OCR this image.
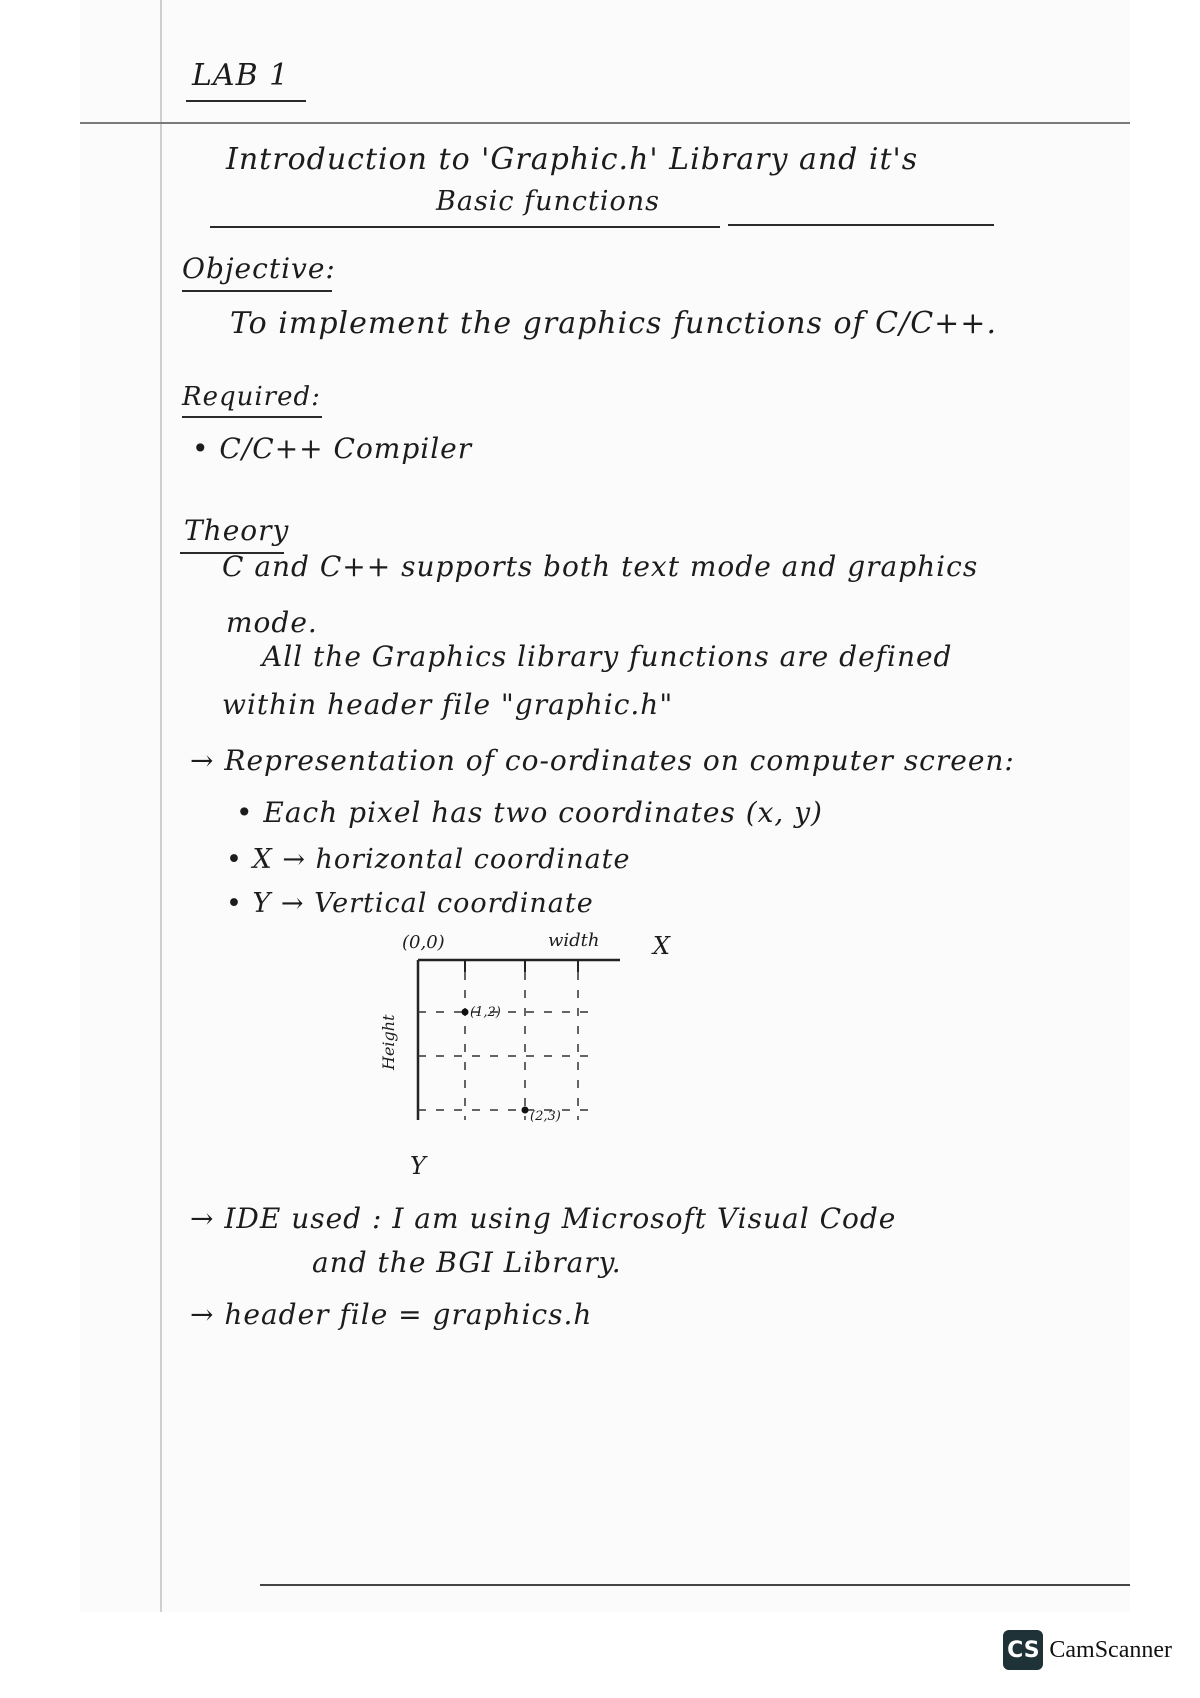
LAB 1
Introduction to 'Graphic.h' Library and it's
Basic functions
Objective:
To implement the graphics functions of C/C++.
Required:
• C/C++ Compiler
Theory
C and C++ supports both text mode and graphics
mode.
All the Graphics library functions are defined
within header file "graphic.h"
→ Representation of co-ordinates on computer screen:
• Each pixel has two coordinates (x, y)
• X → horizontal coordinate
• Y → Vertical coordinate
(0,0)	width X
Y
(1,2)
(2,3)
Height
→ IDE used : I am using Microsoft Visual Code
and the BGI Library.
→ header file = graphics.h
CS CamScanner
